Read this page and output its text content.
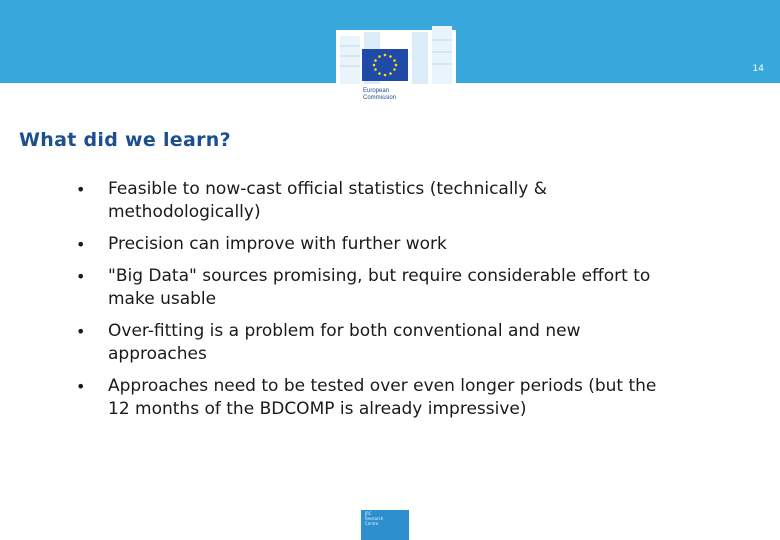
European
Commission
14
What did we learn?
• Feasible to now-cast official statistics (technically & methodologically)
• Precision can improve with further work
• "Big Data" sources promising, but require considerable effort to make usable
• Over-fitting is a problem for both conventional and new approaches
• Approaches need to be tested over even longer periods (but the 12 months of the BDCOMP is already impressive)
JRC
Research
Centre
